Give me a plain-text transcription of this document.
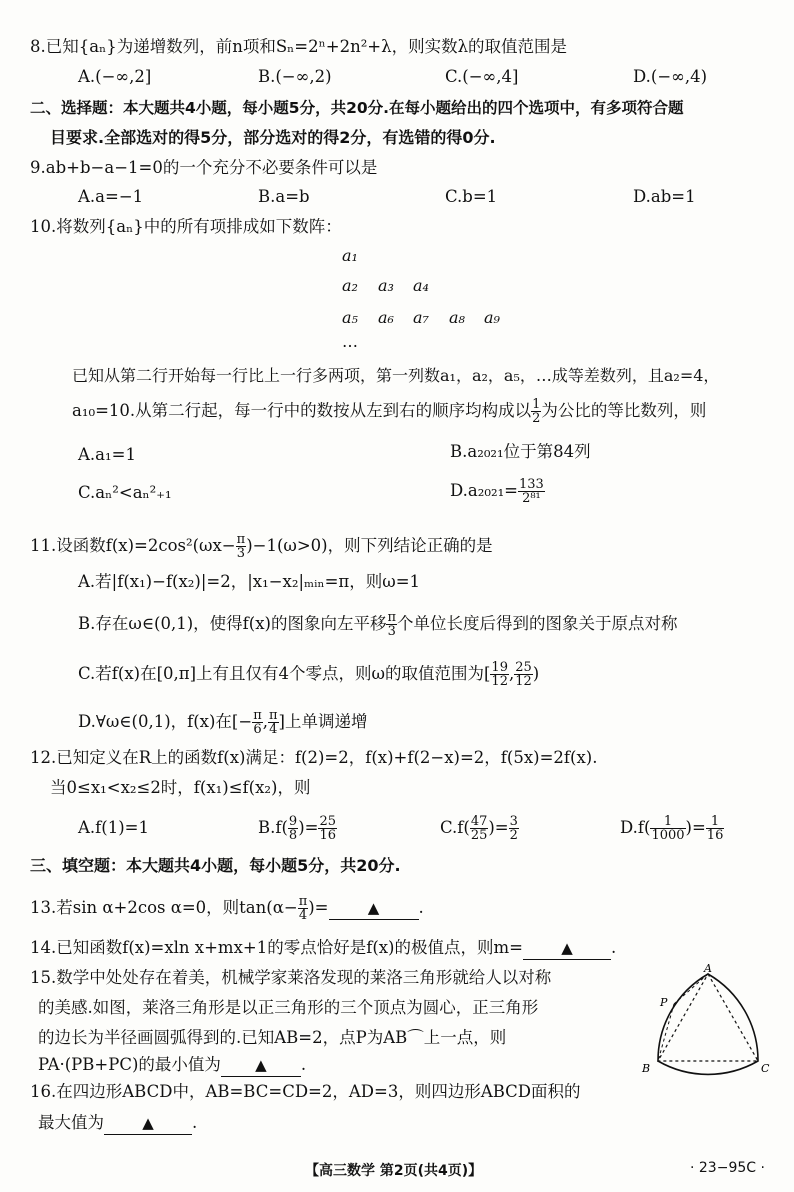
8.已知{aₙ}为递增数列，前n项和Sₙ=2ⁿ+2n²+λ，则实数λ的取值范围是
A.(−∞,2]	B.(−∞,2)	C.(−∞,4]	D.(−∞,4)
二、选择题：本大题共4小题，每小题5分，共20分.在每小题给出的四个选项中，有多项符合题
目要求.全部选对的得5分，部分选对的得2分，有选错的得0分.
9.ab+b−a−1=0的一个充分不必要条件可以是
A.a=−1	B.a=b	C.b=1	D.ab=1
10.将数列{aₙ}中的所有项排成如下数阵：
a₁
a₂ a₃ a₄
a₅ a₆ a₇ a₈ a₉
…
已知从第二行开始每一行比上一行多两项，第一列数a₁，a₂，a₅，…成等差数列，且a₂=4，
a₁₀=10.从第二行起，每一行中的数按从左到右的顺序均构成以 $\frac{1}{2}$ 为公比的等比数列，则
A.a₁=1	B.a₂₀₂₁位于第84列
C.aₙ²<aₙ²₊₁	$D.a_{2021}= \frac{133}{\text{2⁸¹}}$
11.设函数$f(x)=2\cos^2(\omega x- \frac{\pi}{3} )-1(\omega>0)$，则下列结论正确的是
A.若|f(x₁)−f(x₂)|=2，|x₁−x₂|ₘᵢₙ=π，则ω=1
B.存在ω∈(0,1)，使得f(x)的图象向左平移 $\frac{\pi}{3}$ 个单位长度后得到的图象关于原点对称
C.若f(x)在[0,π]上有且仅有4个零点，则ω的取值范围为[ $\frac{19}{12}$ , $\frac{25}{12}$ )
D.∀ω∈(0,1)，f(x)在[− $\frac{\pi}{6}$ , $\frac{\pi}{4}$ ]上单调递增
12.已知定义在R上的函数f(x)满足：f(2)=2，f(x)+f(2−x)=2，f(5x)=2f(x).
当0≤x₁<x₂≤2时，f(x₁)≤f(x₂)，则
A.f(1)=1	$B.f( \frac{9}{8}$ )= $\frac{25}{16}$	$C.f( \frac{47}{25}$ )= $\frac{3}{2}$	$D.f( \frac{1}{1000}$ )= $\frac{1}{16}$
三、填空题：本大题共4小题，每小题5分，共20分.
13.若sin α+2cos α=0，则$\tan(\alpha- \frac{\pi}{4}$ )=	▲ .
14.已知函数f(x)=xln x+mx+1的零点恰好是f(x)的极值点，则m=	▲ .
15.数学中处处存在着美，机械学家莱洛发现的莱洛三角形就给人以对称
的美感.如图，莱洛三角形是以正三角形的三个顶点为圆心，正三角形
的边长为半径画圆弧得到的.已知AB=2，点P为AB⌒上一点，则
PA·(PB+PC)的最小值为 ▲ .
A
B	C
P
16.在四边形ABCD中，AB=BC=CD=2，AD=3，则四边形ABCD面积的
最大值为	▲ .
【高三数学 第2页(共4页)】	· 23−95C ·
